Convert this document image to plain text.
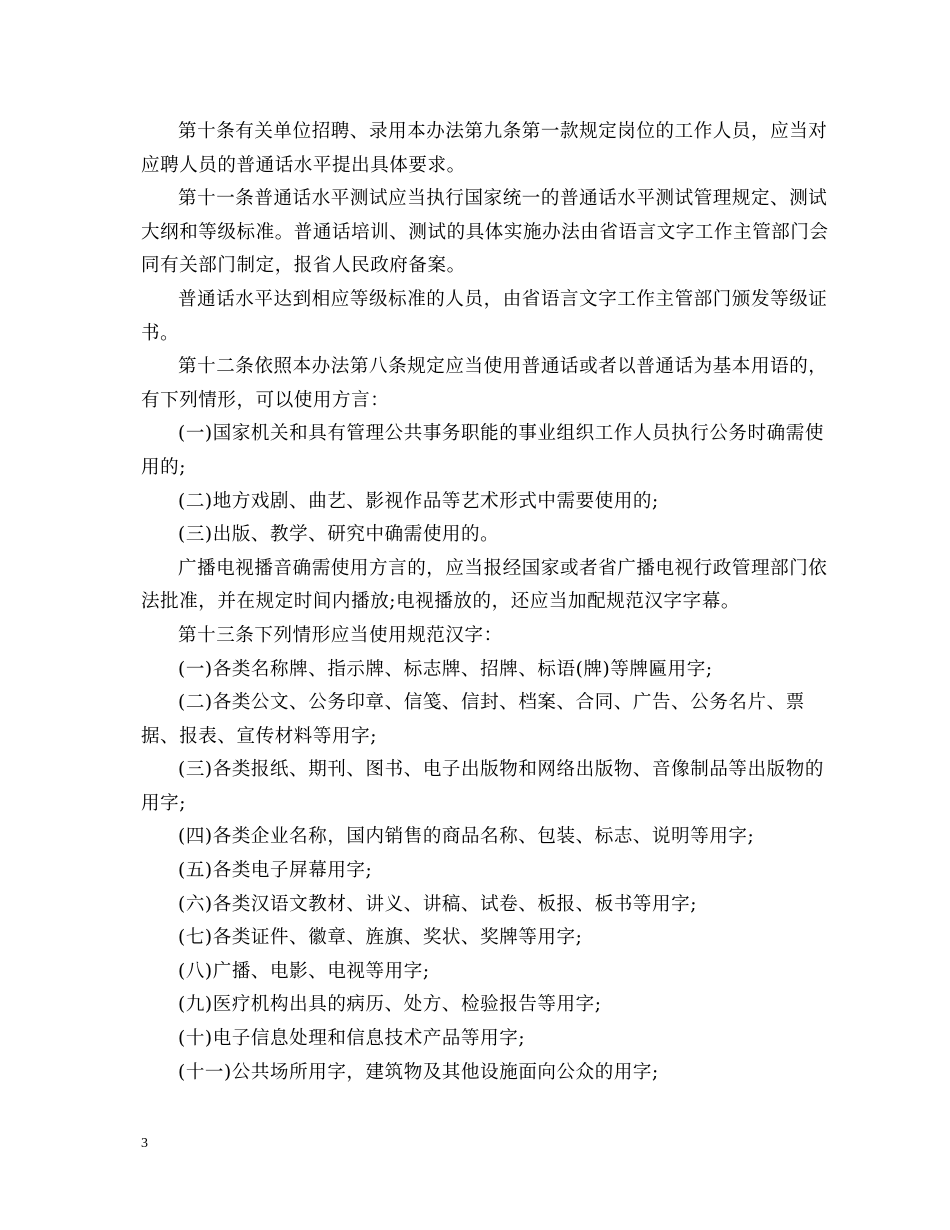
第十条有关单位招聘、录用本办法第九条第一款规定岗位的工作人员，应当对应聘人员的普通话水平提出具体要求。

第十一条普通话水平测试应当执行国家统一的普通话水平测试管理规定、测试大纲和等级标准。普通话培训、测试的具体实施办法由省语言文字工作主管部门会同有关部门制定，报省人民政府备案。

普通话水平达到相应等级标准的人员，由省语言文字工作主管部门颁发等级证书。

第十二条依照本办法第八条规定应当使用普通话或者以普通话为基本用语的，有下列情形，可以使用方言：

(一)国家机关和具有管理公共事务职能的事业组织工作人员执行公务时确需使用的;

(二)地方戏剧、曲艺、影视作品等艺术形式中需要使用的;

(三)出版、教学、研究中确需使用的。

广播电视播音确需使用方言的，应当报经国家或者省广播电视行政管理部门依法批准，并在规定时间内播放;电视播放的，还应当加配规范汉字字幕。

第十三条下列情形应当使用规范汉字：

(一)各类名称牌、指示牌、标志牌、招牌、标语(牌)等牌匾用字;

(二)各类公文、公务印章、信笺、信封、档案、合同、广告、公务名片、票据、报表、宣传材料等用字;

(三)各类报纸、期刊、图书、电子出版物和网络出版物、音像制品等出版物的用字;

(四)各类企业名称，国内销售的商品名称、包装、标志、说明等用字;

(五)各类电子屏幕用字;

(六)各类汉语文教材、讲义、讲稿、试卷、板报、板书等用字;

(七)各类证件、徽章、旌旗、奖状、奖牌等用字;

(八)广播、电影、电视等用字;

(九)医疗机构出具的病历、处方、检验报告等用字;

(十)电子信息处理和信息技术产品等用字;

(十一)公共场所用字，建筑物及其他设施面向公众的用字;

3
